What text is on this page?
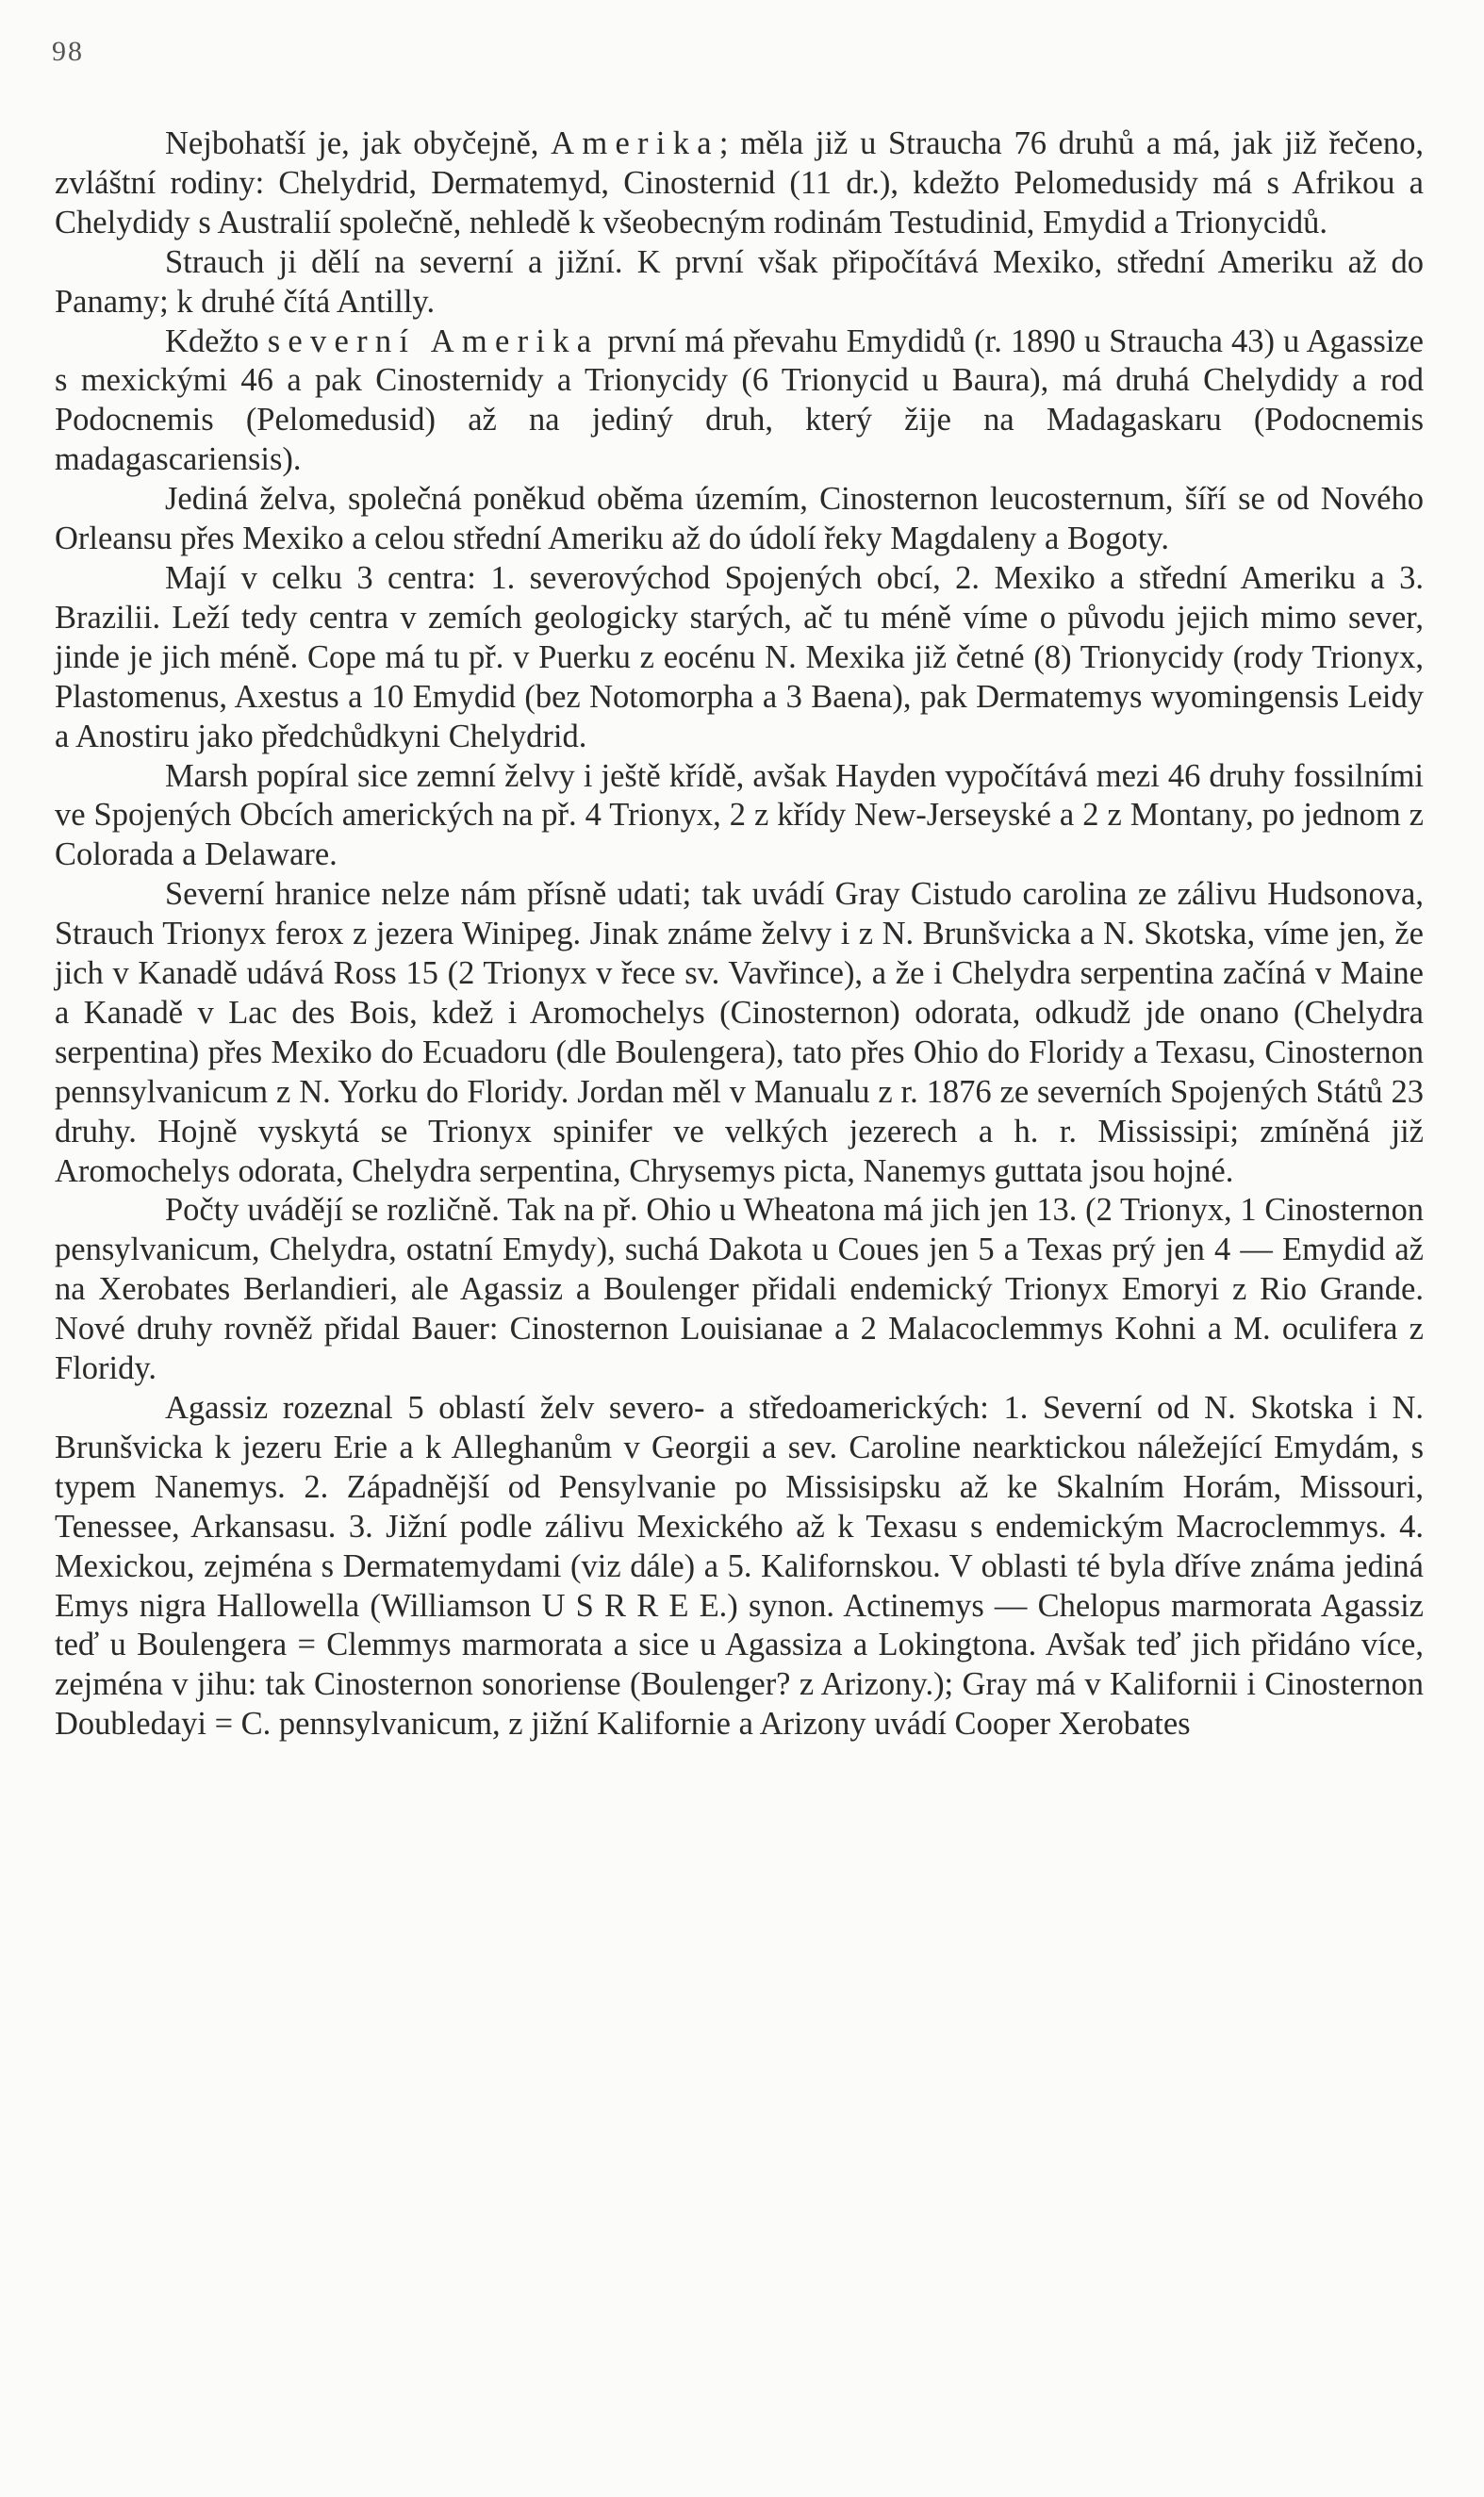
98

Nejbohatší je, jak obyčejně, Amerika; měla již u Straucha 76 druhů a má, jak již řečeno, zvláštní rodiny: Chelydrid, Dermatemyd, Cinosternid (11 dr.), kdežto Pelomedusidy má s Afrikou a Chelydidy s Australií společně, nehledě k všeobecným rodinám Testudinid, Emydid a Trionycidů.

Strauch ji dělí na severní a jižní. K první však připočítává Mexiko, střední Ameriku až do Panamy; k druhé čítá Antilly.

Kdežto severní Amerika první má převahu Emydidů (r. 1890 u Straucha 43) u Agassize s mexickými 46 a pak Cinosternidy a Trionycidy (6 Trionycid u Baura), má druhá Chelydidy a rod Podocnemis (Pelomedusid) až na jediný druh, který žije na Madagaskaru (Podocnemis madagascariensis).

Jediná želva, společná poněkud oběma územím, Cinosternon leucosternum, šíří se od Nového Orleansu přes Mexiko a celou střední Ameriku až do údolí řeky Magdaleny a Bogoty.

Mají v celku 3 centra: 1. severovýchod Spojených obcí, 2. Mexiko a střední Ameriku a 3. Brazilii. Leží tedy centra v zemích geologicky starých, ač tu méně víme o původu jejich mimo sever, jinde je jich méně. Cope má tu př. v Puerku z eocénu N. Mexika již četné (8) Trionycidy (rody Trionyx, Plastomenus, Axestus a 10 Emydid (bez Notomorpha a 3 Baena), pak Dermatemys wyomingensis Leidy a Anostiru jako předchůdkyni Chelydrid.

Marsh popíral sice zemní želvy i ještě křídě, avšak Hayden vypočítává mezi 46 druhy fossilními ve Spojených Obcích amerických na př. 4 Trionyx, 2 z křídy New-Jerseyské a 2 z Montany, po jednom z Colorada a Delaware.

Severní hranice nelze nám přísně udati; tak uvádí Gray Cistudo carolina ze zálivu Hudsonova, Strauch Trionyx ferox z jezera Winipeg. Jinak známe želvy i z N. Brunšvicka a N. Skotska, víme jen, že jich v Kanadě udává Ross 15 (2 Trionyx v řece sv. Vavřince), a že i Chelydra serpentina začíná v Maine a Kanadě v Lac des Bois, kdež i Aromochelys (Cinosternon) odorata, odkudž jde onano (Chelydra serpentina) přes Mexiko do Ecuadoru (dle Boulengera), tato přes Ohio do Floridy a Texasu, Cinosternon pennsylvanicum z N. Yorku do Floridy. Jordan měl v Manualu z r. 1876 ze severních Spojených Států 23 druhy. Hojně vyskytá se Trionyx spinifer ve velkých jezerech a h. r. Mississipi; zmíněná již Aromochelys odorata, Chelydra serpentina, Chrysemys picta, Nanemys guttata jsou hojné.

Počty uvádějí se rozličně. Tak na př. Ohio u Wheatona má jich jen 13. (2 Trionyx, 1 Cinosternon pensylvanicum, Chelydra, ostatní Emydy), suchá Dakota u Coues jen 5 a Texas prý jen 4 — Emydid až na Xerobates Berlandieri, ale Agassiz a Boulenger přidali endemický Trionyx Emoryi z Rio Grande. Nové druhy rovněž přidal Bauer: Cinosternon Louisianae a 2 Malacoclemmys Kohni a M. oculifera z Floridy.

Agassiz rozeznal 5 oblastí želv severo- a středoamerických: 1. Severní od N. Skotska i N. Brunšvicka k jezeru Erie a k Alleghanům v Georgii a sev. Caroline nearktickou náležející Emydám, s typem Nanemys. 2. Západnější od Pensylvanie po Missisipsku až ke Skalním Horám, Missouri, Tenessee, Arkansasu. 3. Jižní podle zálivu Mexického až k Texasu s endemickým Macroclemmys. 4. Mexickou, zejména s Dermatemydami (viz dále) a 5. Kalifornskou. V oblasti té byla dříve známa jediná Emys nigra Hallowella (Williamson U S R R E E.) synon. Actinemys — Chelopus marmorata Agassiz teď u Boulengera = Clemmys marmorata a sice u Agassiza a Lokingtona. Avšak teď jich přidáno více, zejména v jihu: tak Cinosternon sonoriense (Boulenger? z Arizony.); Gray má v Kalifornii i Cinosternon Doubledayi = C. pennsylvanicum, z jižní Kalifornie a Arizony uvádí Cooper Xerobates
